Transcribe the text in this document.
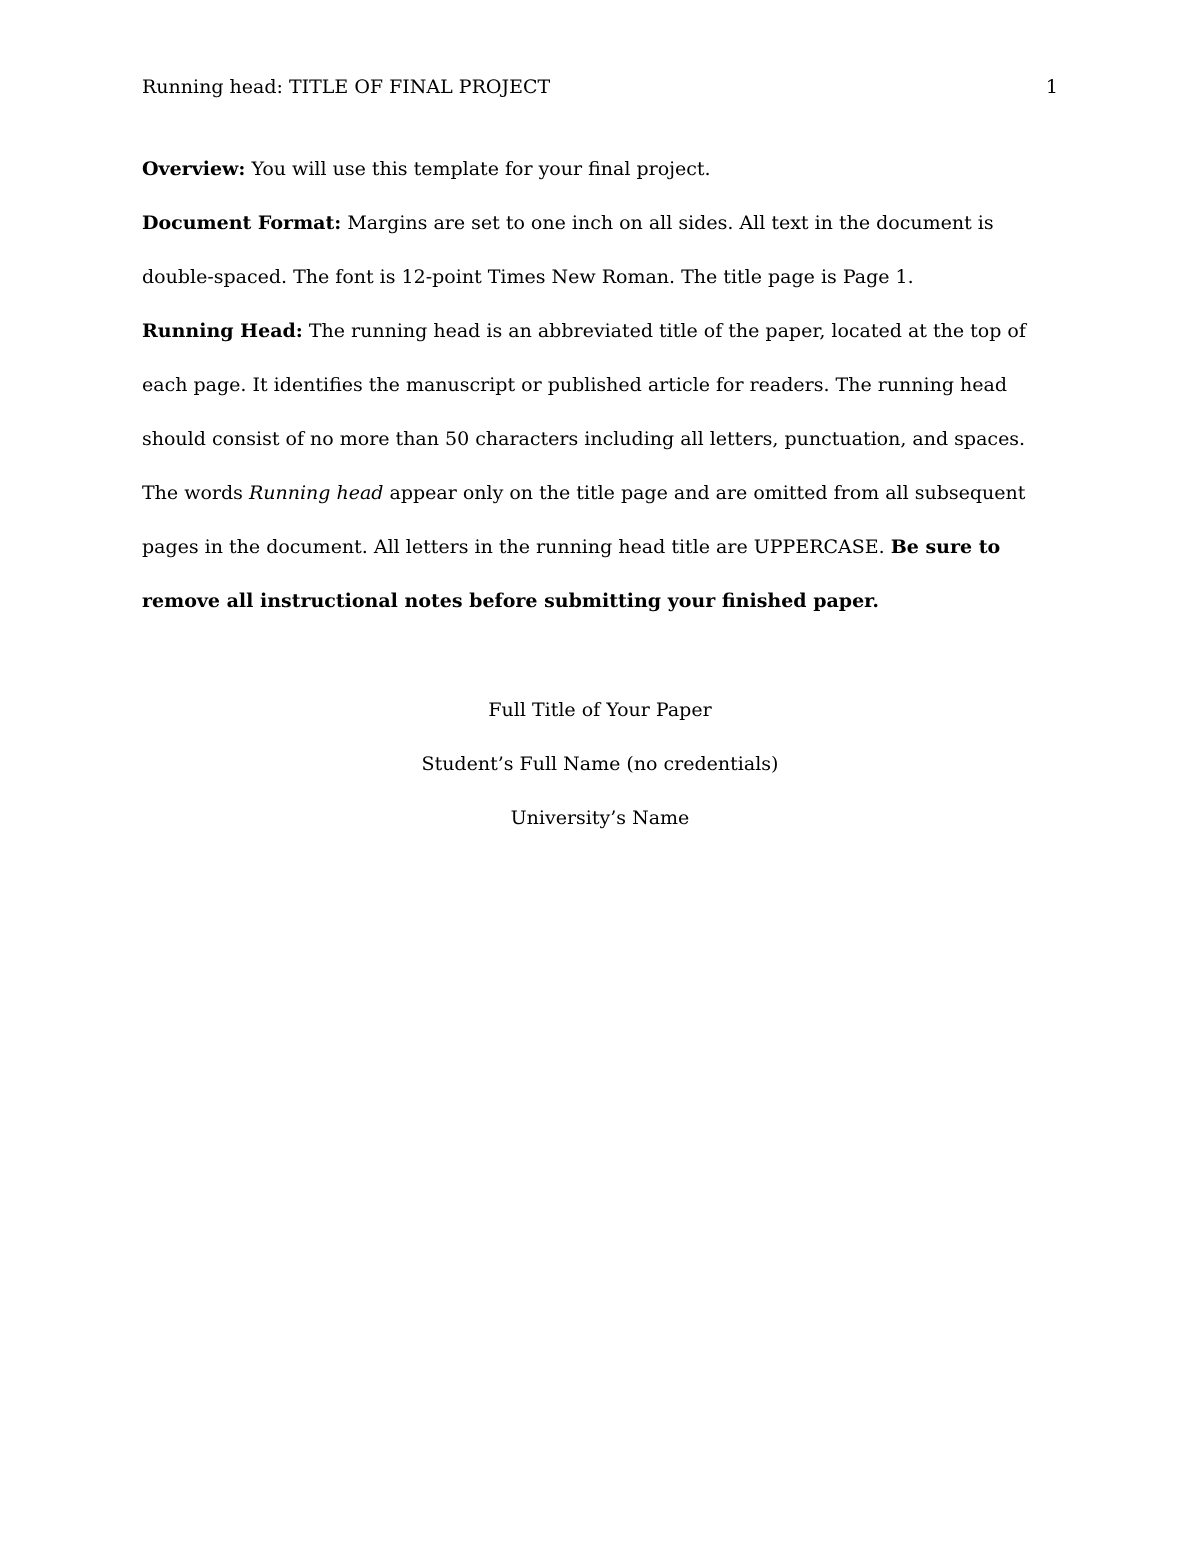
Running head: TITLE OF FINAL PROJECT	1

Overview: You will use this template for your final project.

Document Format: Margins are set to one inch on all sides. All text in the document is double-spaced. The font is 12-point Times New Roman. The title page is Page 1.

Running Head: The running head is an abbreviated title of the paper, located at the top of each page. It identifies the manuscript or published article for readers. The running head should consist of no more than 50 characters including all letters, punctuation, and spaces. The words Running head appear only on the title page and are omitted from all subsequent pages in the document. All letters in the running head title are UPPERCASE. Be sure to remove all instructional notes before submitting your finished paper.

Full Title of Your Paper
Student’s Full Name (no credentials)
University’s Name
